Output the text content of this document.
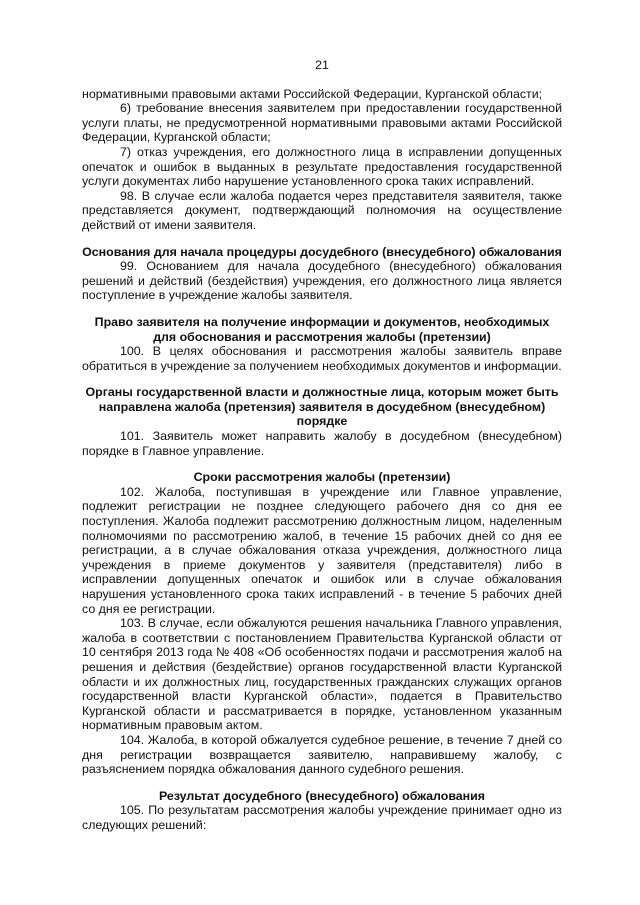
21

нормативными правовыми актами Российской Федерации, Курганской области;

6) требование внесения заявителем при предоставлении государственной услуги платы, не предусмотренной нормативными правовыми актами Российской Федерации, Курганской области;

7) отказ учреждения, его должностного лица в исправлении допущенных опечаток и ошибок в выданных в результате предоставления государственной услуги документах либо нарушение установленного срока таких исправлений.

98. В случае если жалоба подается через представителя заявителя, также представляется документ, подтверждающий полномочия на осуществление действий от имени заявителя.

Основания для начала процедуры досудебного (внесудебного) обжалования

99. Основанием для начала досудебного (внесудебного) обжалования решений и действий (бездействия) учреждения, его должностного лица является поступление в учреждение жалобы заявителя.

Право заявителя на получение информации и документов, необходимых для обоснования и рассмотрения жалобы (претензии)

100. В целях обоснования и рассмотрения жалобы заявитель вправе обратиться в учреждение за получением необходимых документов и информации.

Органы государственной власти и должностные лица, которым может быть направлена жалоба (претензия) заявителя в досудебном (внесудебном) порядке

101. Заявитель может направить жалобу в досудебном (внесудебном) порядке в Главное управление.

Сроки рассмотрения жалобы (претензии)

102. Жалоба, поступившая в учреждение или Главное управление, подлежит регистрации не позднее следующего рабочего дня со дня ее поступления. Жалоба подлежит рассмотрению должностным лицом, наделенным полномочиями по рассмотрению жалоб, в течение 15 рабочих дней со дня ее регистрации, а в случае обжалования отказа учреждения, должностного лица учреждения в приеме документов у заявителя (представителя) либо в исправлении допущенных опечаток и ошибок или в случае обжалования нарушения установленного срока таких исправлений - в течение 5 рабочих дней со дня ее регистрации.

103. В случае, если обжалуются решения начальника Главного управления, жалоба в соответствии с постановлением Правительства Курганской области от 10 сентября 2013 года № 408 «Об особенностях подачи и рассмотрения жалоб на решения и действия (бездействие) органов государственной власти Курганской области и их должностных лиц, государственных гражданских служащих органов государственной власти Курганской области», подается в Правительство Курганской области и рассматривается в порядке, установленном указанным нормативным правовым актом.

104. Жалоба, в которой обжалуется судебное решение, в течение 7 дней со дня регистрации возвращается заявителю, направившему жалобу, с разъяснением порядка обжалования данного судебного решения.

Результат досудебного (внесудебного) обжалования

105. По результатам рассмотрения жалобы учреждение принимает одно из следующих решений:
